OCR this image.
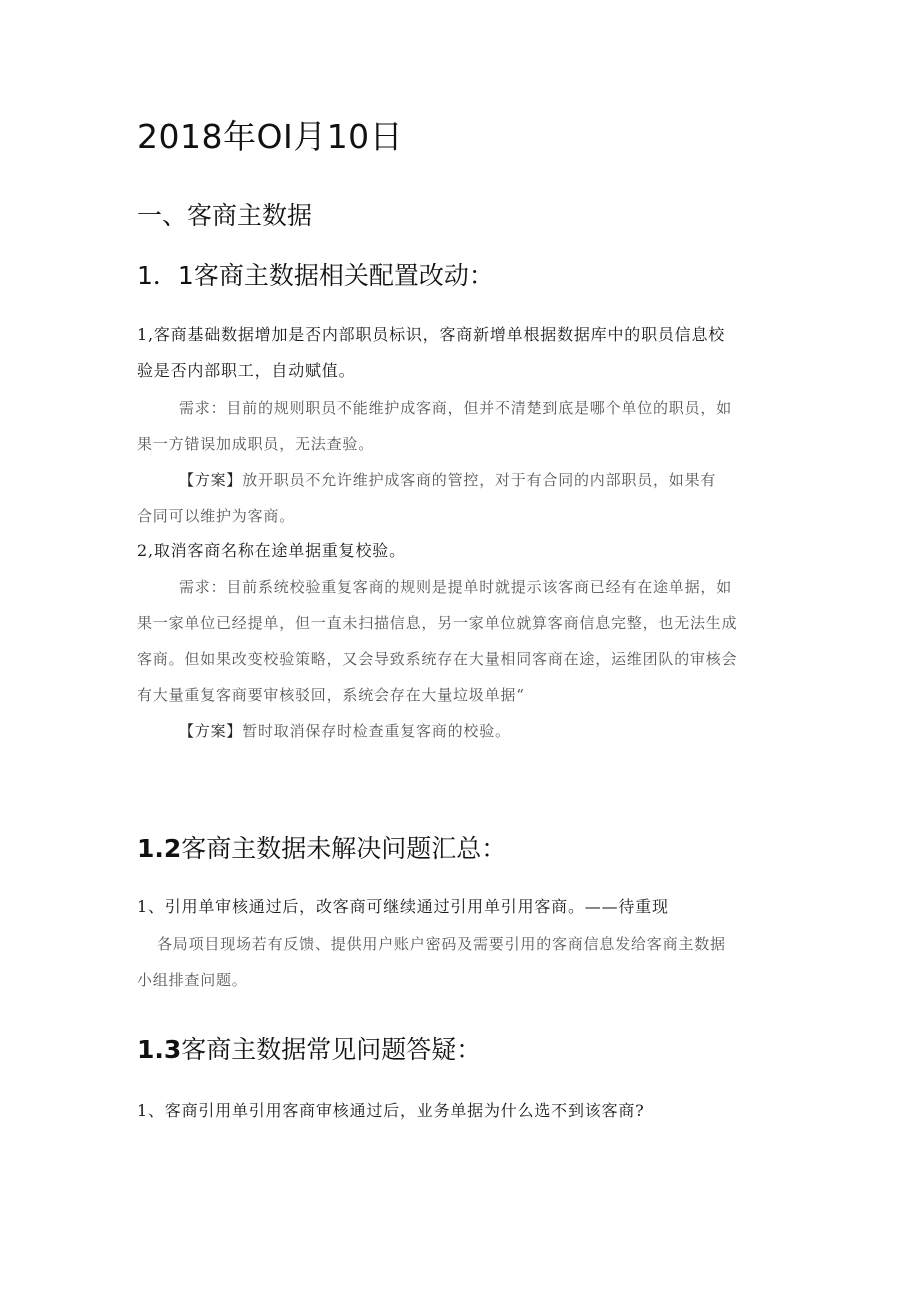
2018年OI月10日
一、客商主数据
1．1客商主数据相关配置改动：

1,客商基础数据增加是否内部职员标识，客商新增单根据数据库中的职员信息校
验是否内部职工，自动赋值。

需求：目前的规则职员不能维护成客商，但并不清楚到底是哪个单位的职员，如
果一方错误加成职员，无法查验。

【方案】放开职员不允许维护成客商的管控，对于有合同的内部职员，如果有
合同可以维护为客商。

2,取消客商名称在途单据重复校验。

需求：目前系统校验重复客商的规则是提单时就提示该客商已经有在途单据，如
果一家单位已经提单，但一直未扫描信息，另一家单位就算客商信息完整，也无法生成
客商。但如果改变校验策略，又会导致系统存在大量相同客商在途，运维团队的审核会
有大量重复客商要审核驳回，系统会存在大量垃圾单据“

【方案】暂时取消保存时检查重复客商的校验。

1.2客商主数据未解决问题汇总：

1、引用单审核通过后，改客商可继续通过引用单引用客商。——待重现

各局项目现场若有反馈、提供用户账户密码及需要引用的客商信息发给客商主数据
小组排查问题。

1.3客商主数据常见问题答疑：

1、客商引用单引用客商审核通过后，业务单据为什么选不到该客商?
